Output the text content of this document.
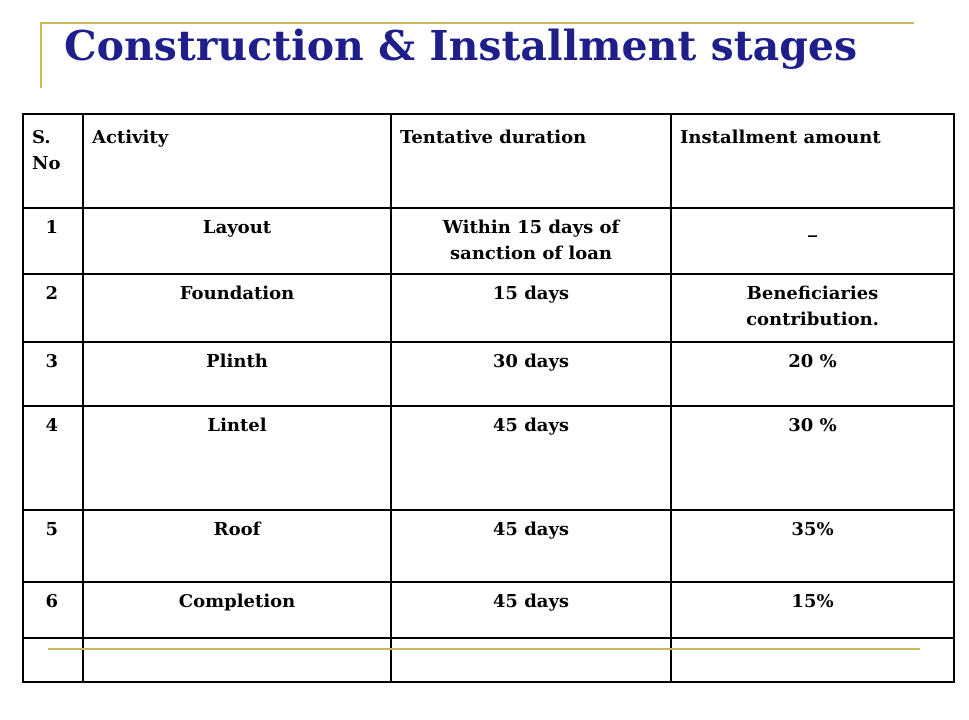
Construction & Installment stages
S. No	Activity	Tentative duration	Installment amount
1	Layout	Within 15 days of sanction of loan	_
2	Foundation	15 days	Beneficiaries contribution.
3	Plinth	30 days	20 %
4	Lintel	45 days	30 %
5	Roof	45 days	35%
6	Completion	45 days	15%
